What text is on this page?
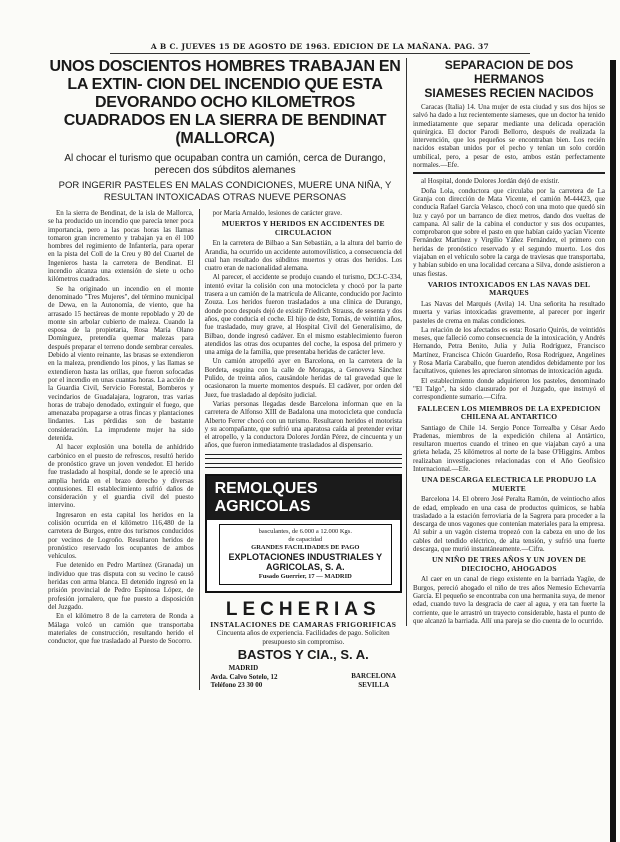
A B C. JUEVES 15 DE AGOSTO DE 1963. EDICION DE LA MAÑANA. PAG. 37
UNOS DOSCIENTOS HOMBRES TRABAJAN EN LA EXTIN- CION DEL INCENDIO QUE ESTA DEVORANDO OCHO KILOMETROS CUADRADOS EN LA SIERRA DE BENDINAT (MALLORCA)
Al chocar el turismo que ocupaban contra un camión, cerca de Durango, perecen dos súbditos alemanes
POR INGERIR PASTELES EN MALAS CONDICIONES, MUERE UNA NIÑA, Y RESULTAN INTOXICADAS OTRAS NUEVE PERSONAS

En la sierra de Bendinat, de la isla de Mallorca, se ha producido un incendio que parecía tener poca importancia, pero a las pocas horas las llamas tomaron gran incremento y trabajan ya en él 100 hombres del regimiento de Infantería, para operar en la pista del Coll de la Creu y 80 del Cuartel de Ingenieros hasta la carretera de Bendinat. El incendio alcanza una extensión de siete u ocho kilómetros cuadrados.

Se ha originado un incendio en el monte denominado "Tres Mujeres", del término municipal de Dewa, en la Autonomía, de viento, que ha arrasado 15 hectáreas de monte repoblado y 20 de monte sin arbolar cubierto de maleza. Cuando la esposa de la propietaria, Rosa María Olano Domínguez, pretendía quemar malezas para después preparar el terreno donde sembrar cereales. Debido al viento reinante, las brasas se extendieron en la maleza, prendiendo los pinos, y las llamas se extendieron hasta las orillas, que fueron sofocadas por el incendio en unas cuantas horas. La acción de la Guardia Civil, Servicio Forestal, Bomberos y vecindarios de Guadalajara, lograron, tras varias horas de trabajo denodado, extinguir el fuego, que amenazaba propagarse a otras fincas y plantaciones lindantes. Las pérdidas son de bastante consideración. La imprudente mujer ha sido detenida.

Al hacer explosión una botella de anhídrido carbónico en el puesto de refrescos, resultó herido de pronóstico grave un joven vendedor. El herido fue trasladado al hospital, donde se le apreció una amplia herida en el brazo derecho y diversas contusiones. El establecimiento sufrió daños de consideración y el guardia civil del puesto intervino.

Ingresaron en esta capital los heridos en la colisión ocurrida en el kilómetro 116,480 de la carretera de Burgos, entre dos turismos conducidos por vecinos de Logroño. Resultaron heridos de pronóstico reservado los ocupantes de ambos vehículos.

Fue detenido en Pedro Martínez (Granada) un individuo que tras disputa con su vecino le causó heridas con arma blanca. El detenido ingresó en la prisión provincial de Pedro Espinosa López, de profesión jornalero, que fue puesto a disposición del Juzgado.

En el kilómetro 8 de la carretera de Ronda a Málaga volcó un camión que transportaba materiales de construcción, resultando herido el conductor, que fue trasladado al Puesto de Socorro.

por María Arnaldo, lesiones de carácter grave.

MUERTOS Y HERIDOS EN ACCIDENTES DE CIRCULACION

En la carretera de Bilbao a San Sebastián, a la altura del barrio de Arandia, ha ocurrido un accidente automovilístico, a consecuencia del cual han resultado dos súbditos muertos y otras dos heridos. Los cuatro eran de nacionalidad alemana.

Al parecer, el accidente se produjo cuando el turismo, DCJ-C-334, intentó evitar la colisión con una motocicleta y chocó por la parte trasera a un camión de la matrícula de Alicante, conducido por Jacinto Zouza. Los heridos fueron trasladados a una clínica de Durango, donde poco después dejó de existir Friedrich Strauss, de sesenta y dos años, que conducía el coche. El hijo de éste, Tomás, de veintiún años, fue trasladado, muy grave, al Hospital Civil del Generalísimo, de Bilbao, donde ingresó cadáver. En el mismo establecimiento fueron atendidos las otras dos ocupantes del coche, la esposa del primero y una amiga de la familia, que presentaba heridas de carácter leve.

Un camión atropelló ayer en Barcelona, en la carretera de la Bordeta, esquina con la calle de Moragas, a Genoveva Sánchez Pulido, de treinta años, causándole heridas de tal gravedad que le ocasionaron la muerte momentos después. El cadáver, por orden del Juez, fue trasladado al depósito judicial.

Varias personas llegadas desde Barcelona informan que en la carretera de Alfonso XIII de Badalona una motocicleta que conducía Alberto Ferrer chocó con un turismo. Resultaron heridos el motorista y su acompañante, que sufrió una aparatosa caída al pretender evitar el atropello, y la conductora Dolores Jordán Pérez, de cincuenta y un años, que fueron inmediatamente trasladados al dispensario.

REMOLQUES
AGRICOLAS
basculantes, de 6.000 a 12.000 Kgs.
de capacidad
GRANDES FACILIDADES DE PAGO
EXPLOTACIONES INDUSTRIALES Y AGRICOLAS, S. A.
Fusado Guerrier, 17 — MADRID
LECHERIAS
INSTALACIONES DE CAMARAS FRIGORIFICAS
Cincuenta años de experiencia. Facilidades de pago. Solicíten presupuesto sin compromiso.
BASTOS Y CIA., S. A.
MADRID
Avda. Calvo Sotelo, 12
Teléfono 23 30 00
BARCELONA
SEVILLA
SEPARACION DE DOS HERMANOS
SIAMESES RECIEN NACIDOS

Caracas (Italia) 14. Una mujer de esta ciudad y sus dos hijos se salvó ha dado a luz recientemente siameses, que un doctor ha tenido inmediatamente que separar mediante una delicada operación quirúrgica. El doctor Parodi Bellorro, después de realizada la intervención, que los pequeños se encontraban bien. Los recién nacidos estaban unidos por el pecho y tenían un solo cordón umbilical, pero, a pesar de esto, ambos están perfectamente normales.—Efe.

al Hospital, donde Dolores Jordán dejó de existir.

Doña Lola, conductora que circulaba por la carretera de La Granja con dirección de Mata Vicente, el camión M-44423, que conducía Rafael García Velasco, chocó con una moto que quedó sin luz y cayó por un barranco de diez metros, dando dos vueltas de campana. Al salir de la cabina el conductor y sus dos ocupantes, comprobaron que sobre el pasto en que habían caído yacían Vicente Fernández Martínez y Virgilio Yáñez Fernández, el primero con heridas de pronóstico reservado y el segundo muerto. Los dos viajaban en el vehículo sobre la carga de traviesas que transportaba, y habían subido en una localidad cercana a Silva, donde asistieron a unas fiestas.

VARIOS INTOXICADOS EN LAS NAVAS DEL MARQUES

Las Navas del Marqués (Avila) 14. Una señorita ha resultado muerta y varias intoxicadas gravemente, al parecer por ingerir pasteles de crema en malas condiciones.

La relación de los afectados es esta: Rosario Quirós, de veintidós meses, que falleció como consecuencia de la intoxicación, y Andrés Hernando, Petra Benito, Julia y Julia Rodríguez, Francisco Martínez, Francisca Chicón Guardeño, Rosa Rodríguez, Angelines y Rosa María Caraballo, que fueron atendidos debidamente por los facultativos, quienes les apreciaron síntomas de intoxicación aguda.

El establecimiento donde adquirieron los pasteles, denominado "El Talgo", ha sido clausurado por el Juzgado, que instruyó el correspondiente sumario.—Cifra.

FALLECEN LOS MIEMBROS DE LA EXPEDICION CHILENA AL ANTARTICO

Santiago de Chile 14. Sergio Ponce Torrealba y César Aedo Pradenas, miembros de la expedición chilena al Antártico, resultaron muertos cuando el trineo en que viajaban cayó a una grieta helada, 25 kilómetros al norte de la base O'Higgins. Ambos realizaban investigaciones relacionadas con el Año Geofísico Internacional.—Efe.

UNA DESCARGA ELECTRICA LE PRODUJO LA MUERTE

Barcelona 14. El obrero José Peralta Ramón, de veintiocho años de edad, empleado en una casa de productos químicos, se había trasladado a la estación ferroviaria de la Sagrera para proceder a la descarga de unos vagones que contenían materiales para la empresa. Al subir a un vagón cisterna tropezó con la cabeza en uno de los cables del tendido eléctrico, de alta tensión, y sufrió una fuerte descarga, que murió instantáneamente.—Cifra.

UN NIÑO DE TRES AÑOS Y UN JOVEN DE DIECIOCHO, AHOGADOS

Al caer en un canal de riego existente en la barriada Yagüe, de Burgos, pereció ahogado el niño de tres años Nemesio Echevarría García. El pequeño se encontraba con una hermanita suya, de menor edad, cuando tuvo la desgracia de caer al agua, y era tan fuerte la corriente, que le arrastró un trayecto considerable, hasta el punto de que alcanzó la barriada. Allí una pareja se dio cuenta de lo ocurrido.
